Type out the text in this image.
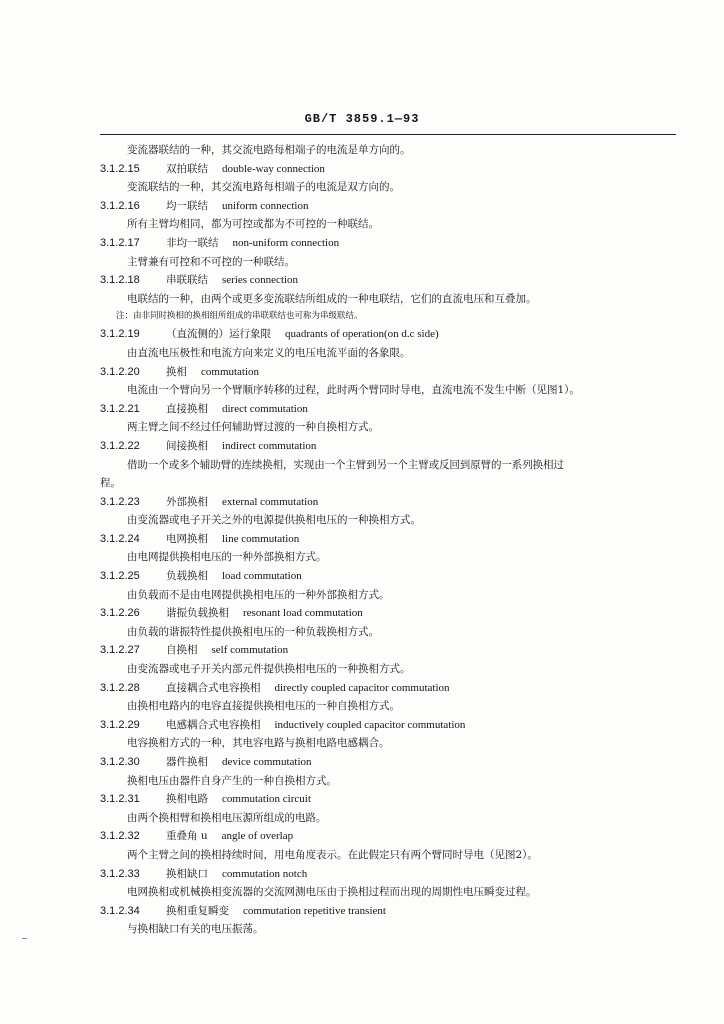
GB/T 3859.1—93
变流器联结的一种，其交流电路每相端子的电流是单方向的。
3.1.2.15 双拍联结 double-way connection
变流联结的一种，其交流电路每相端子的电流是双方向的。
3.1.2.16 均一联结 uniform connection
所有主臂均相同，都为可控或都为不可控的一种联结。
3.1.2.17 非均一联结 non-uniform connection
主臂兼有可控和不可控的一种联结。
3.1.2.18 串联联结 series connection
电联结的一种，由两个或更多变流联结所组成的一种电联结，它们的直流电压和互叠加。
注：由非同时换相的换相组所组成的串联联结也可称为串级联结。
3.1.2.19 （直流侧的）运行象限 quadrants of operation(on d.c side)
由直流电压极性和电流方向来定义的电压电流平面的各象限。
3.1.2.20 换相 commutation
电流由一个臂向另一个臂顺序转移的过程，此时两个臂同时导电，直流电流不发生中断（见图1）。
3.1.2.21 直接换相 direct commutation
两主臂之间不经过任何辅助臂过渡的一种自换相方式。
3.1.2.22 间接换相 indirect commutation
借助一个或多个辅助臂的连续换相，实现由一个主臂到另一个主臂或反回到原臂的一系列换相过
程。
3.1.2.23 外部换相 external commutation
由变流器或电子开关之外的电源提供换相电压的一种换相方式。
3.1.2.24 电网换相 line commutation
由电网提供换相电压的一种外部换相方式。
3.1.2.25 负载换相 load commutation
由负载而不是由电网提供换相电压的一种外部换相方式。
3.1.2.26 谐振负载换相 resonant load commutation
由负载的谐振特性提供换相电压的一种负载换相方式。
3.1.2.27 自换相 self commutation
由变流器或电子开关内部元件提供换相电压的一种换相方式。
3.1.2.28 直接耦合式电容换相 directly coupled capacitor commutation
由换相电路内的电容直接提供换相电压的一种自换相方式。
3.1.2.29 电感耦合式电容换相 inductively coupled capacitor commutation
电容换相方式的一种，其电容电路与换相电路电感耦合。
3.1.2.30 器件换相 device commutation
换相电压由器件自身产生的一种自换相方式。
3.1.2.31 换相电路 commutation circuit
由两个换相臂和换相电压源所组成的电路。
3.1.2.32 重叠角 u angle of overlap
两个主臂之间的换相持续时间，用电角度表示。在此假定只有两个臂同时导电（见图2）。
3.1.2.33 换相缺口 commutation notch
电网换相或机械换相变流器的交流网测电压由于换相过程而出现的周期性电压瞬变过程。
3.1.2.34 换相重复瞬变 commutation repetitive transient
与换相缺口有关的电压振荡。
